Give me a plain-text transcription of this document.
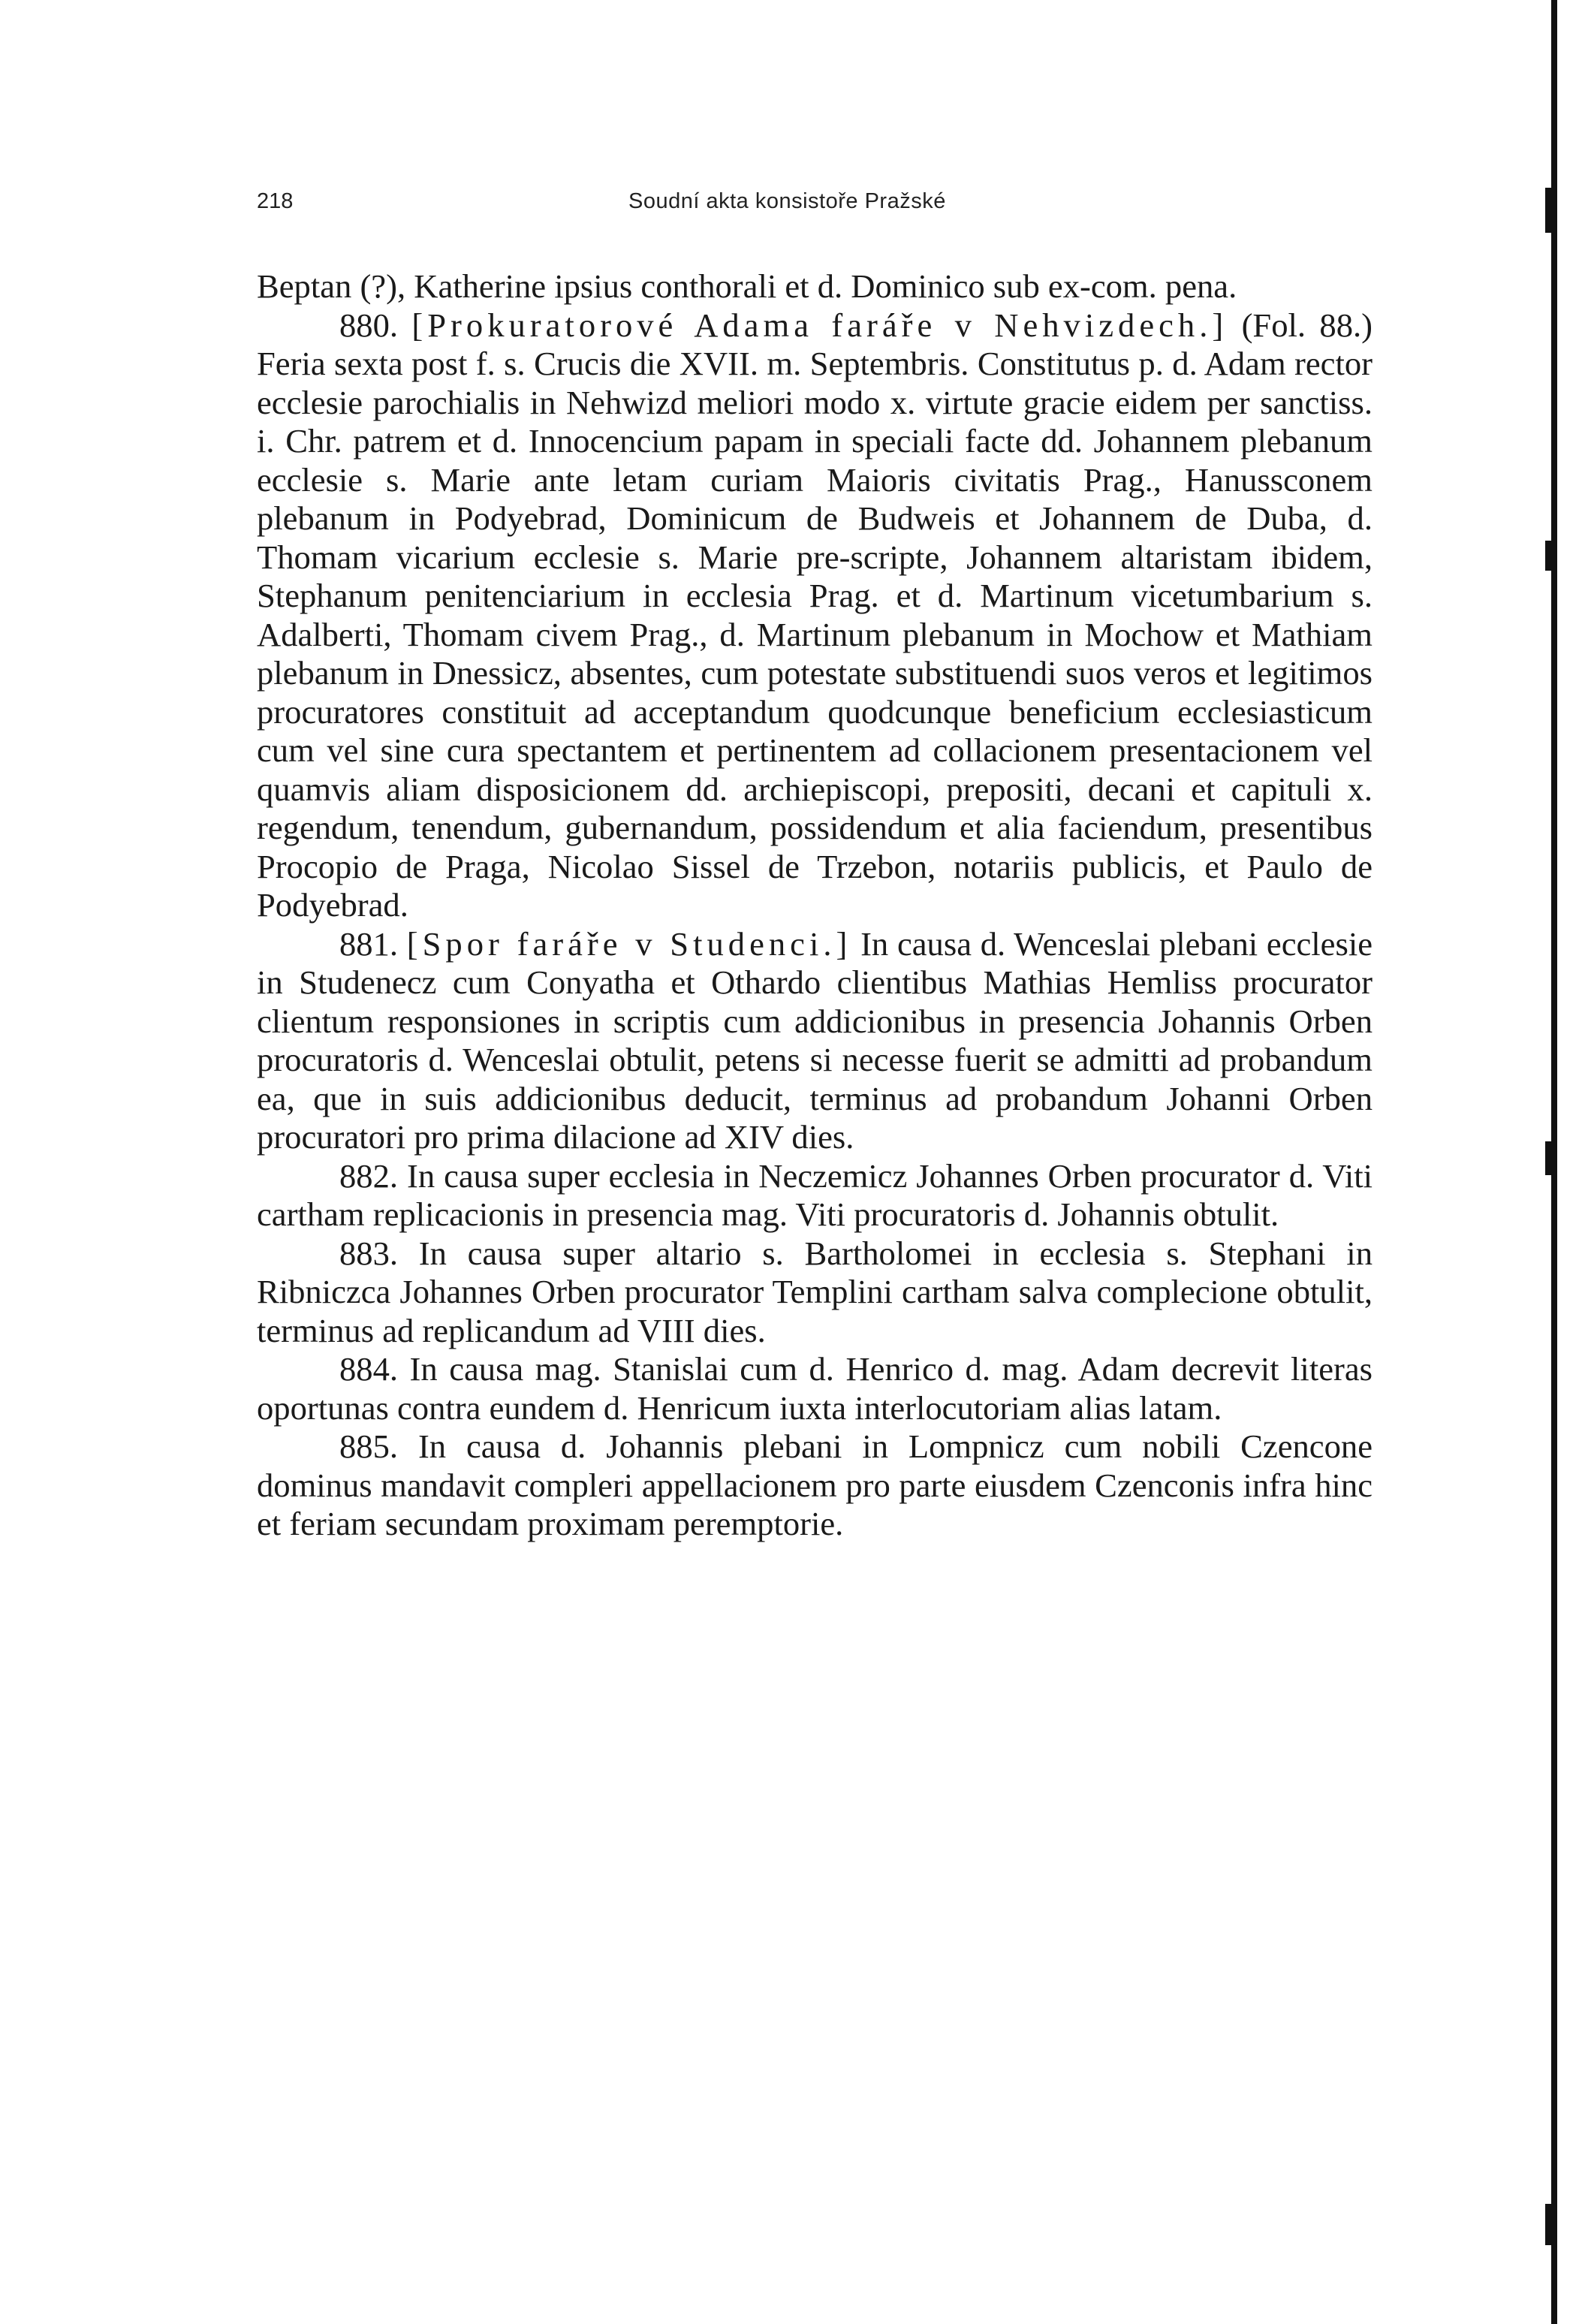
218	Soudní akta konsistoře Pražské

Beptan (?), Katherine ipsius conthorali et d. Dominico sub ex-com. pena.

880. [Prokuratorové Adama faráře v Nehvizdech.] (Fol. 88.) Feria sexta post f. s. Crucis die XVII. m. Septembris. Constitutus p. d. Adam rector ecclesie parochialis in Nehwizd meliori modo x. virtute gracie eidem per sanctiss. i. Chr. patrem et d. Innocencium papam in speciali facte dd. Johannem plebanum ecclesie s. Marie ante letam curiam Maioris civitatis Prag., Hanussconem plebanum in Podyebrad, Dominicum de Budweis et Johannem de Duba, d. Thomam vicarium ecclesie s. Marie pre-scripte, Johannem altaristam ibidem, Stephanum penitenciarium in ecclesia Prag. et d. Martinum vicetumbarium s. Adalberti, Thomam civem Prag., d. Martinum plebanum in Mochow et Mathiam plebanum in Dnessicz, absentes, cum potestate substituendi suos veros et legitimos procuratores constituit ad acceptandum quodcunque beneficium ecclesiasticum cum vel sine cura spectantem et pertinentem ad collacionem presentacionem vel quamvis aliam disposicionem dd. archiepiscopi, prepositi, decani et capituli x. regendum, tenendum, gubernandum, possidendum et alia faciendum, presentibus Procopio de Praga, Nicolao Sissel de Trzebon, notariis publicis, et Paulo de Podyebrad.

881. [Spor faráře v Studenci.] In causa d. Wenceslai plebani ecclesie in Studenecz cum Conyatha et Othardo clientibus Mathias Hemliss procurator clientum responsiones in scriptis cum addicionibus in presencia Johannis Orben procuratoris d. Wenceslai obtulit, petens si necesse fuerit se admitti ad probandum ea, que in suis addicionibus deducit, terminus ad probandum Johanni Orben procuratori pro prima dilacione ad XIV dies.

882. In causa super ecclesia in Neczemicz Johannes Orben procurator d. Viti cartham replicacionis in presencia mag. Viti procuratoris d. Johannis obtulit.

883. In causa super altario s. Bartholomei in ecclesia s. Stephani in Ribniczca Johannes Orben procurator Templini cartham salva complecione obtulit, terminus ad replicandum ad VIII dies.

884. In causa mag. Stanislai cum d. Henrico d. mag. Adam decrevit literas oportunas contra eundem d. Henricum iuxta interlocutoriam alias latam.

885. In causa d. Johannis plebani in Lompnicz cum nobili Czencone dominus mandavit compleri appellacionem pro parte eiusdem Czenconis infra hinc et feriam secundam proximam peremptorie.
